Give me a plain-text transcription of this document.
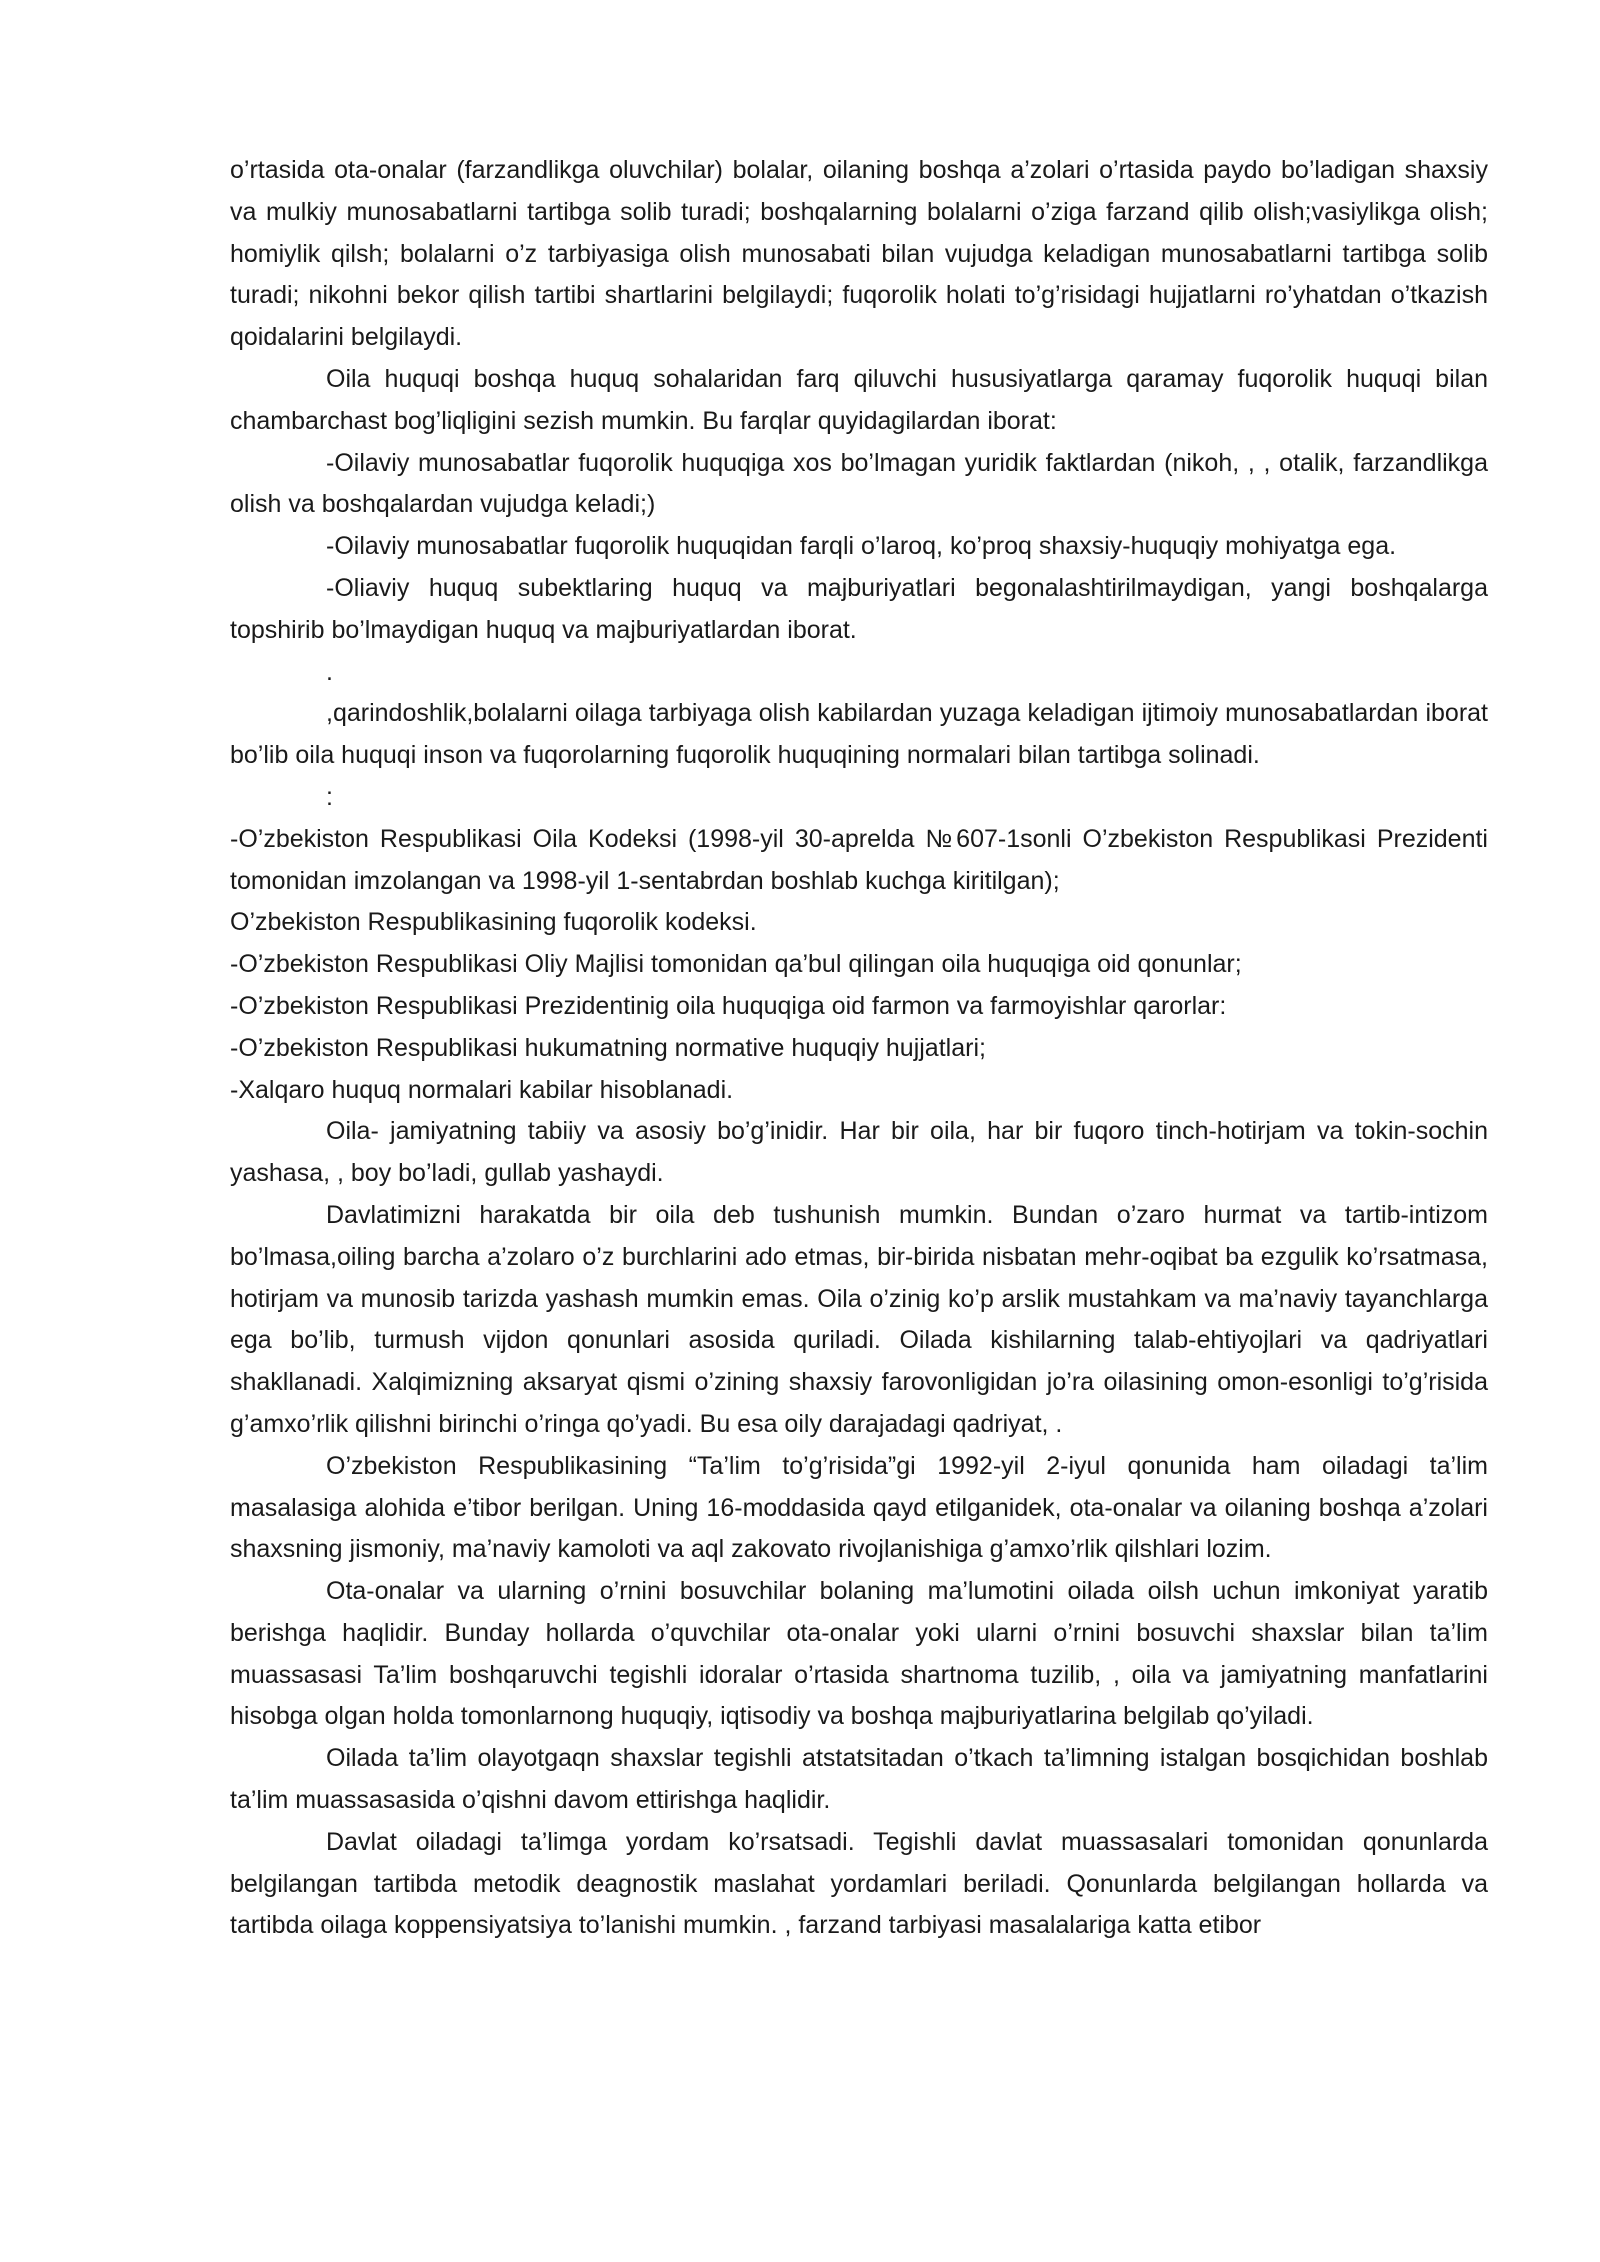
o’rtasida ota-onalar (farzandlikga oluvchilar) bolalar, oilaning boshqa a’zolari o’rtasida paydo bo’ladigan shaxsiy va mulkiy munosabatlarni tartibga solib turadi; boshqalarning bolalarni o’ziga farzand qilib olish;vasiylikga olish; homiylik qilsh; bolalarni o’z tarbiyasiga olish munosabati bilan vujudga keladigan munosabatlarni tartibga solib turadi; nikohni bekor qilish tartibi shartlarini belgilaydi; fuqorolik holati to’g’risidagi hujjatlarni ro’yhatdan o’tkazish qoidalarini belgilaydi.

Oila huquqi boshqa huquq sohalaridan farq qiluvchi hususiyatlarga qaramay fuqorolik huquqi bilan chambarchast bog’liqligini sezish mumkin. Bu farqlar quyidagilardan iborat:

-Oilaviy munosabatlar fuqorolik huquqiga xos bo’lmagan yuridik faktlardan (nikoh, , , otalik, farzandlikga olish va boshqalardan vujudga keladi;)

-Oilaviy munosabatlar fuqorolik huquqidan farqli o’laroq, ko’proq shaxsiy-huquqiy mohiyatga ega.

-Oliaviy huquq subektlaring huquq va majburiyatlari begonalashtirilmaydigan, yangi boshqalarga topshirib bo’lmaydigan huquq va majburiyatlardan iborat.

.

,qarindoshlik,bolalarni oilaga tarbiyaga olish kabilardan yuzaga keladigan ijtimoiy munosabatlardan iborat bo’lib oila huquqi inson va fuqorolarning fuqorolik huquqining normalari bilan tartibga solinadi.

:

-O’zbekiston Respublikasi Oila Kodeksi (1998-yil 30-aprelda №607-1sonli O’zbekiston Respublikasi Prezidenti tomonidan imzolangan va 1998-yil 1-sentabrdan boshlab kuchga kiritilgan);

O’zbekiston Respublikasining fuqorolik kodeksi.

-O’zbekiston Respublikasi Oliy Majlisi tomonidan qa’bul qilingan oila huquqiga oid qonunlar;

-O’zbekiston Respublikasi Prezidentinig oila huquqiga oid farmon va farmoyishlar qarorlar:

-O’zbekiston Respublikasi hukumatning normative huquqiy hujjatlari;

-Xalqaro huquq normalari kabilar hisoblanadi.

Oila- jamiyatning tabiiy va asosiy bo’g’inidir. Har bir oila, har bir fuqoro tinch-hotirjam va tokin-sochin yashasa, , boy bo’ladi, gullab yashaydi.

Davlatimizni harakatda bir oila deb tushunish mumkin. Bundan o’zaro hurmat va tartib-intizom bo’lmasa,oiling barcha a’zolaro o’z burchlarini ado etmas, bir-birida nisbatan mehr-oqibat ba ezgulik ko’rsatmasa, hotirjam va munosib tarizda yashash mumkin emas. Oila o’zinig ko’p arslik mustahkam va ma’naviy tayanchlarga ega bo’lib, turmush vijdon qonunlari asosida quriladi. Oilada kishilarning talab-ehtiyojlari va qadriyatlari shakllanadi. Xalqimizning aksaryat qismi o’zining shaxsiy farovonligidan jo’ra oilasining omon-esonligi to’g’risida g’amxo’rlik qilishni birinchi o’ringa qo’yadi. Bu esa oily darajadagi qadriyat, .

O’zbekiston Respublikasining “Ta’lim to’g’risida”gi 1992-yil 2-iyul qonunida ham oiladagi ta’lim masalasiga alohida e’tibor berilgan. Uning 16-moddasida qayd etilganidek, ota-onalar va oilaning boshqa a’zolari shaxsning jismoniy, ma’naviy kamoloti va aql zakovato rivojlanishiga g’amxo’rlik qilshlari lozim.

Ota-onalar va ularning o’rnini bosuvchilar bolaning ma’lumotini oilada oilsh uchun imkoniyat yaratib berishga haqlidir. Bunday hollarda o’quvchilar ota-onalar yoki ularni o’rnini bosuvchi shaxslar bilan ta’lim muassasasi Ta’lim boshqaruvchi tegishli idoralar o’rtasida shartnoma tuzilib, , oila va jamiyatning manfatlarini hisobga olgan holda tomonlarnong huquqiy, iqtisodiy va boshqa majburiyatlarina belgilab qo’yiladi.

Oilada ta’lim olayotgaqn shaxslar tegishli atstatsitadan o’tkach ta’limning istalgan bosqichidan boshlab ta’lim muassasasida o’qishni davom ettirishga haqlidir.

Davlat oiladagi ta’limga yordam ko’rsatsadi. Tegishli davlat muassasalari tomonidan qonunlarda belgilangan tartibda metodik deagnostik maslahat yordamlari beriladi. Qonunlarda belgilangan hollarda va tartibda oilaga koppensiyatsiya to’lanishi mumkin. , farzand tarbiyasi masalalariga katta etibor
